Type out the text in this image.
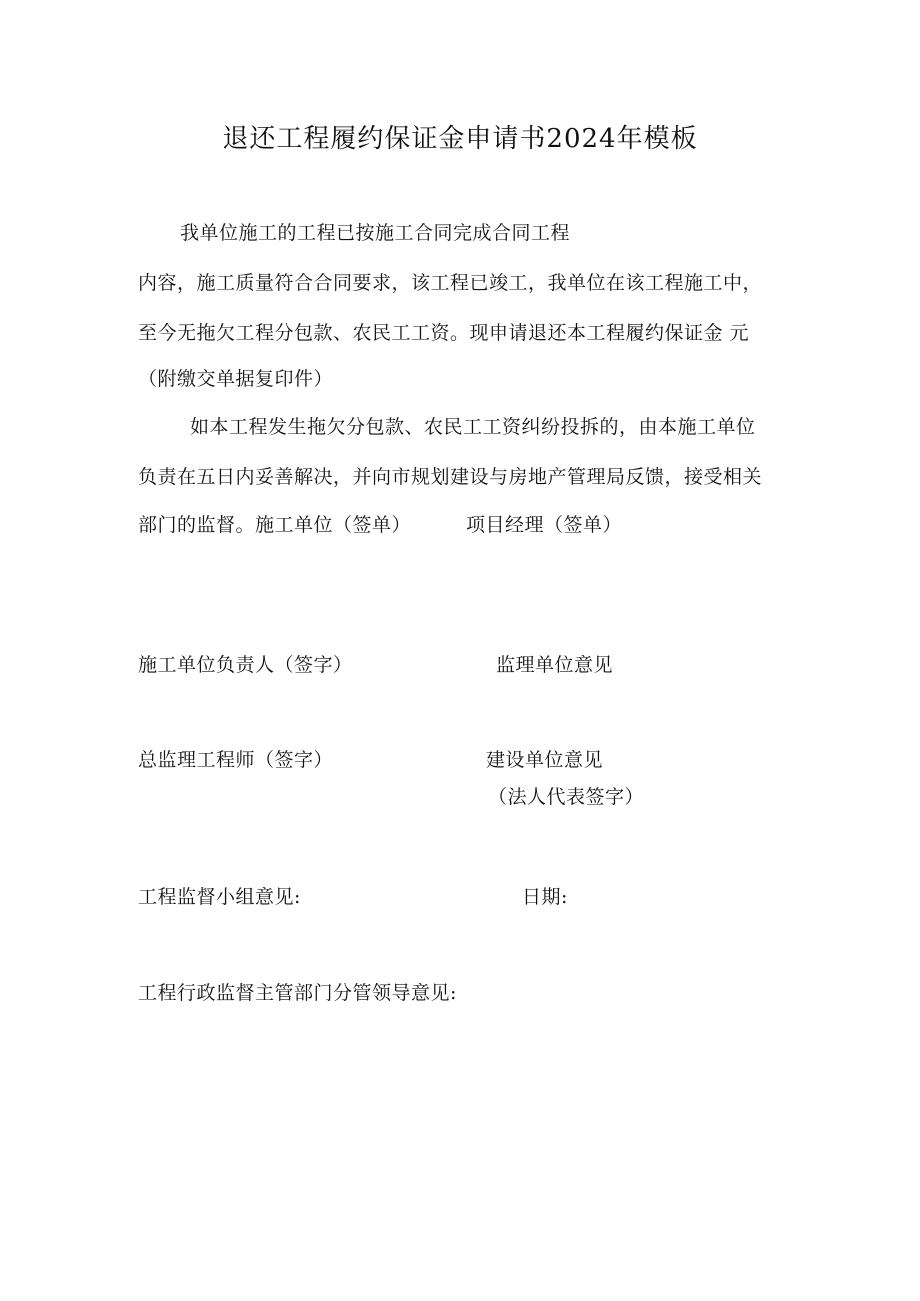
退还工程履约保证金申请书2024年模板
我单位施工的工程已按施工合同完成合同工程
内容，施工质量符合合同要求，该工程已竣工，我单位在该工程施工中，
至今无拖欠工程分包款、农民工工资。现申请退还本工程履约保证金 元
（附缴交单据复印件）
如本工程发生拖欠分包款、农民工工资纠纷投拆的，由本施工单位
负责在五日内妥善解决，并向市规划建设与房地产管理局反馈，接受相关
部门的监督。施工单位（签单）	项目经理（签单）
施工单位负责人（签字）	监理单位意见
总监理工程师（签字）	建设单位意见
（法人代表签字）
工程监督小组意见:	日期:
工程行政监督主管部门分管领导意见:
